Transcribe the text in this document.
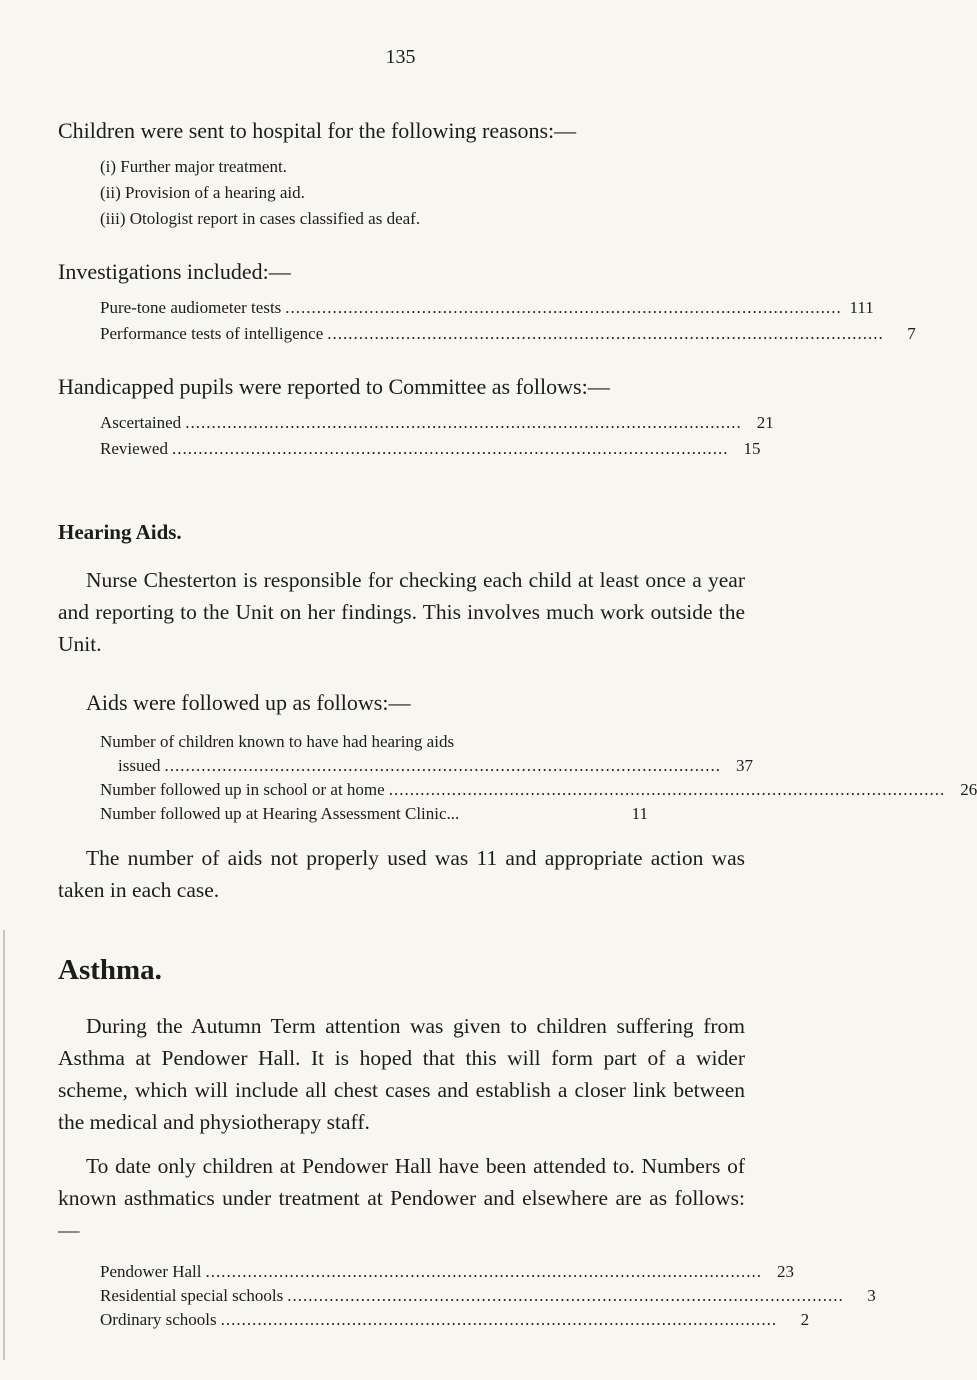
135
Children were sent to hospital for the following reasons:—
(i) Further major treatment.
(ii) Provision of a hearing aid.
(iii) Otologist report in cases classified as deaf.
Investigations included:—
Pure-tone audiometer tests .......................................................................................................... 111
Performance tests of intelligence ..........................................................................................................	7
Handicapped pupils were reported to Committee as follows:—
Ascertained .......................................................................................................... 21
Reviewed .......................................................................................................... 15
Hearing Aids.
Nurse Chesterton is responsible for checking each child at least once a year and reporting to the Unit on her findings. This involves much work outside the Unit.
Aids were followed up as follows:—
Number of children known to have had hearing aids
issued .......................................................................................................... 37
Number followed up in school or at home .......................................................................................................... 26
Number followed up at Hearing Assessment Clinic...	11
The number of aids not properly used was 11 and appropriate action was taken in each case.
Asthma.
During the Autumn Term attention was given to children suffering from Asthma at Pendower Hall. It is hoped that this will form part of a wider scheme, which will include all chest cases and establish a closer link between the medical and physiotherapy staff.
To date only children at Pendower Hall have been attended to. Numbers of known asthmatics under treatment at Pendower and elsewhere are as follows:—
Pendower Hall .......................................................................................................... 23
Residential special schools ..........................................................................................................	3
Ordinary schools ..........................................................................................................	2
